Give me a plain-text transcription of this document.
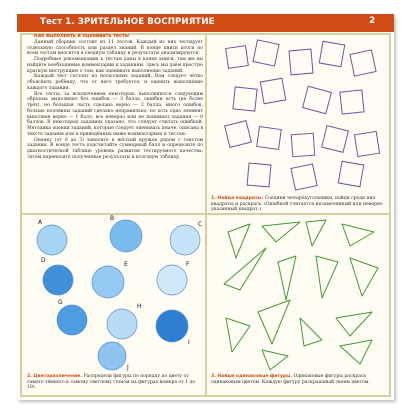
Тест 1. ЗРИТЕЛЬНОЕ ВОСПРИЯТИЕ	2

Как выполнять и оценивать тесты

Данный сборник состоит из 11 тестов. Каждый из них тестирует отдельную способность или раздел знаний. В конце книги итоги по всем тестам вносятся в сводную таблицу и результаты анализируются.

Подробные рекомендации к тестам даны в конце книги, там же вы найдёте необходимые комментарии к заданиям. Здесь мы даём простую краткую инструкцию о том, как оценивать выполнение заданий.

Каждый тест состоит из нескольких заданий. Вам следует чётко объяснить ребёнку, что от него требуется, и оценить выполнение каждого задания.

Все тесты, за исключением некоторых, выполняются следующим образом: выполнено без ошибок — 3 балла, ошибки есть (не более трёх), но большая часть сделана верно — 2 балла, много ошибок, больше половины заданий сделано неправильно, но хоть одно элемент выполнен верно — 1 балл; все неверно или не понимает задания — 0 баллов. В некоторых заданиях указано, что следует считать ошибкой. Методика оценки заданий, которые следует оценивать иначе, описана в тексте задания или в приведённых ниже комментариях к тестам.

Оценку (от 0 до 3) занесите в жёлтый кружок рядом с текстом задания. В конце теста подсчитайте суммарный балл и определите по диагностической таблице уровень развития тестируемого качества. Затем перенесите полученные результаты в итоговую таблицу.

1. Найди квадраты. Соедини четырёхугольники, найди среди них квадраты и раскрась. (Ошибкой считается незамеченный или неверно указанный квадрат.)
A
B
C
D
E	F
G
H
I
J
2. Цветоразличение. Распредели фигуры по порядку по цвету от самого тёмного к самому светлому (тоном на фигурах номера от 1 до 10).
3. Найди одинаковые фигуры. Одинаковые фигуры раскрась одинаковым цветом. Каждую фигуру раскрашивай своим цветом.
